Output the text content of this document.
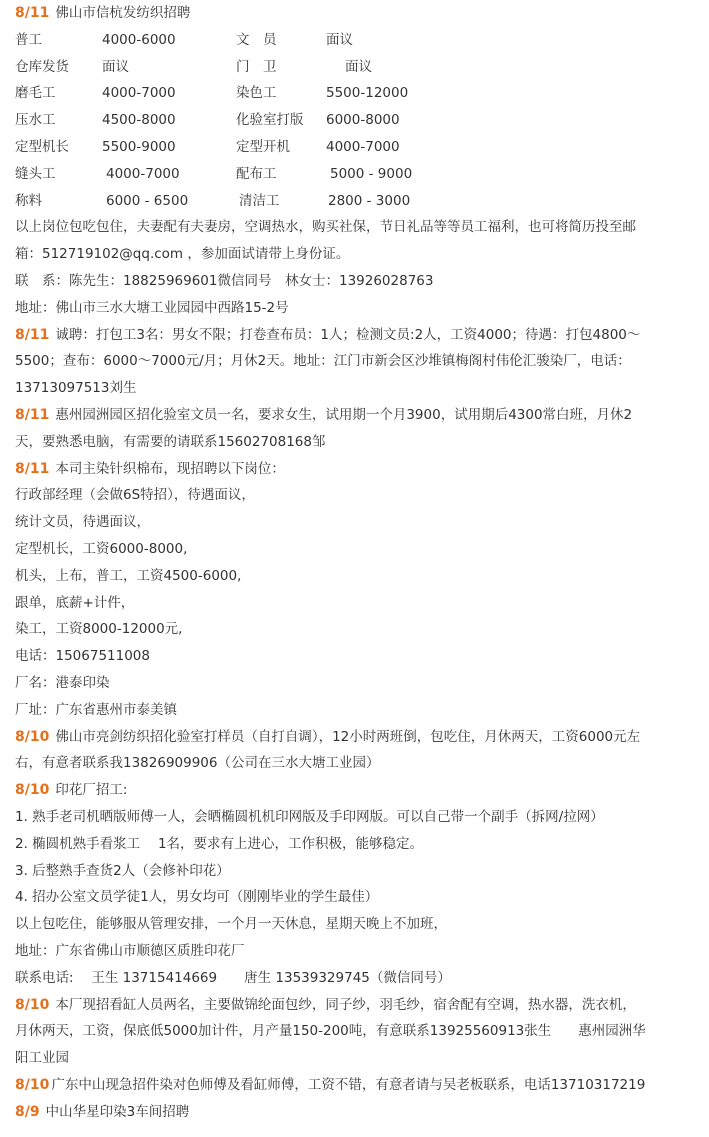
8/11 佛山市信杭发纺织招聘
普工	4000-6000	文　员	面议
仓库发货 面议	门　卫	面议
磨毛工	4000-7000	染色工	5500-12000
压水工	4500-8000	化验室打版 6000-8000
定型机长 5500-9000	定型开机	4000-7000
缝头工	4000-7000	配布工	5000 - 9000
称料	6000 - 6500	清洁工	2800 - 3000
以上岗位包吃包住，夫妻配有夫妻房，空调热水，购买社保，节日礼品等等员工福利，也可将简历投至邮
箱：512719102@qq.com ，参加面试请带上身份证。
联　系：陈先生：18825969601微信同号　林女士：13926028763
地址：佛山市三水大塘工业园园中西路15-2号
8/11 诚聘：打包工3名：男女不限；打卷查布员：1人；检测文员:2人，工资4000；待遇：打包4800～
5500；查布：6000～7000元/月；月休2天。地址：江门市新会区沙堆镇梅阁村伟伦汇骏染厂，电话：
13713097513刘生
8/11 惠州园洲园区招化验室文员一名，要求女生，试用期一个月3900，试用期后4300常白班，月休2
天，要熟悉电脑，有需要的请联系15602708168邹
8/11 本司主染针织棉布，现招聘以下岗位：
行政部经理（会做6S特招），待遇面议，
统计文员，待遇面议，
定型机长，工资6000-8000,
机头，上布，普工，工资4500-6000,
跟单，底薪+计件，
染工，工资8000-12000元,
电话：15067511008
厂名：港泰印染
厂址：广东省惠州市泰美镇
8/10 佛山市亮剑纺织招化验室打样员（自打自调），12小时两班倒，包吃住，月休两天，工资6000元左
右，有意者联系我13826909906（公司在三水大塘工业园）
8/10 印花厂招工:
1. 熟手老司机晒版师傅一人，会晒椭圆机机印网版及手印网版。可以自己带一个副手（拆网/拉网）
2. 椭圆机熟手看浆工　 1名，要求有上进心，工作积极，能够稳定。
3. 后整熟手查货2人（会修补印花）
4. 招办公室文员学徒1人，男女均可（刚刚毕业的学生最佳）
以上包吃住，能够服从管理安排，一个月一天休息，星期天晚上不加班，
地址：广东省佛山市顺德区质胜印花厂
联系电话:　 王生 13715414669　　唐生 13539329745（微信同号）
8/10 本厂现招看缸人员两名，主要做锦纶面包纱，同子纱，羽毛纱，宿舍配有空调，热水器，洗衣机，
月休两天，工资，保底低5000加计件，月产量150-200吨，有意联系13925560913张生　　惠州园洲华
阳工业园
8/10 广东中山现急招件染对色师傅及看缸师傅，工资不错，有意者请与吴老板联系，电话13710317219
8/9 中山华星印染3车间招聘
